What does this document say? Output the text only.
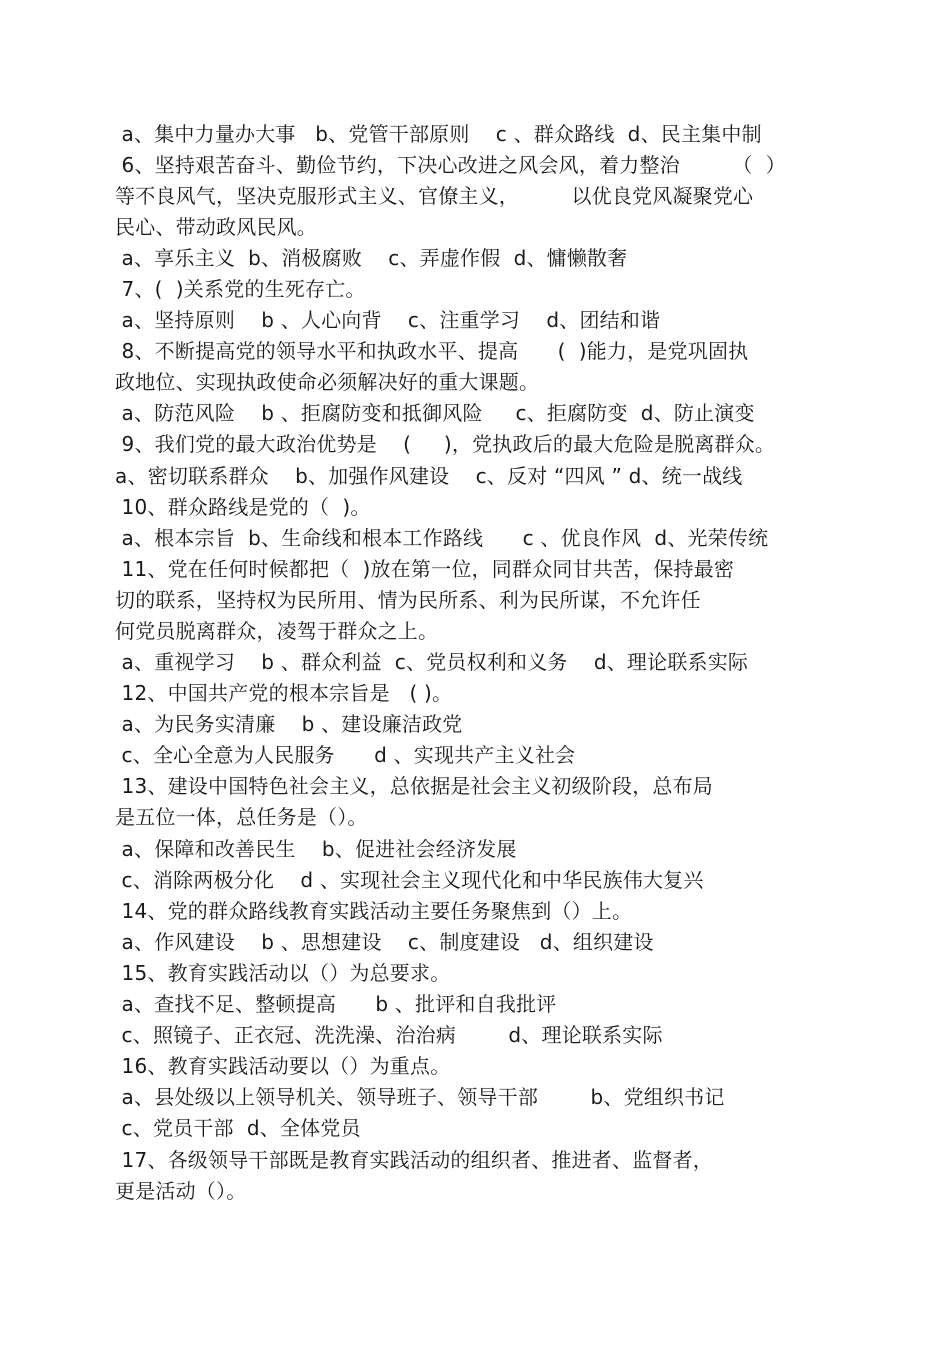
a、集中力量办大事   b、党管干部原则    c 、群众路线  d、民主集中制
6、坚持艰苦奋斗、勤俭节约，下决心改进之风会风，着力整治        （  ）
等不良风气，坚决克服形式主义、官僚主义，        以优良党风凝聚党心
民心、带动政风民风。
a、享乐主义  b、消极腐败    c、弄虚作假  d、慵懒散奢
7、(  )关系党的生死存亡。
a、坚持原则    b 、人心向背    c、注重学习    d、团结和谐
8、不断提高党的领导水平和执政水平、提高      (  )能力，是党巩固执
政地位、实现执政使命必须解决好的重大课题。
a、防范风险    b 、拒腐防变和抵御风险     c、拒腐防变  d、防止演变
9、我们党的最大政治优势是    (     )，党执政后的最大危险是脱离群众。
a、密切联系群众    b、加强作风建设    c、反对 “四风 ” d、统一战线
10、群众路线是党的（  )。
a、根本宗旨  b、生命线和根本工作路线      c 、优良作风  d、光荣传统
11、党在任何时候都把（  )放在第一位，同群众同甘共苦，保持最密
切的联系，坚持权为民所用、情为民所系、利为民所谋，不允许任
何党员脱离群众，凌驾于群众之上。
a、重视学习    b 、群众利益  c、党员权利和义务    d、理论联系实际
12、中国共产党的根本宗旨是   ( )。
a、为民务实清廉    b 、建设廉洁政党
c、全心全意为人民服务      d 、实现共产主义社会
13、建设中国特色社会主义，总依据是社会主义初级阶段，总布局
是五位一体，总任务是（）。
a、保障和改善民生    b、促进社会经济发展
c、消除两极分化    d 、实现社会主义现代化和中华民族伟大复兴
14、党的群众路线教育实践活动主要任务聚焦到（）上。
a、作风建设    b 、思想建设    c、制度建设   d、组织建设
15、教育实践活动以（）为总要求。
a、查找不足、整顿提高      b 、批评和自我批评
c、照镜子、正衣冠、洗洗澡、治治病        d、理论联系实际
16、教育实践活动要以（）为重点。
a、县处级以上领导机关、领导班子、领导干部        b、党组织书记
c、党员干部  d、全体党员
17、各级领导干部既是教育实践活动的组织者、推进者、监督者，
更是活动（）。
